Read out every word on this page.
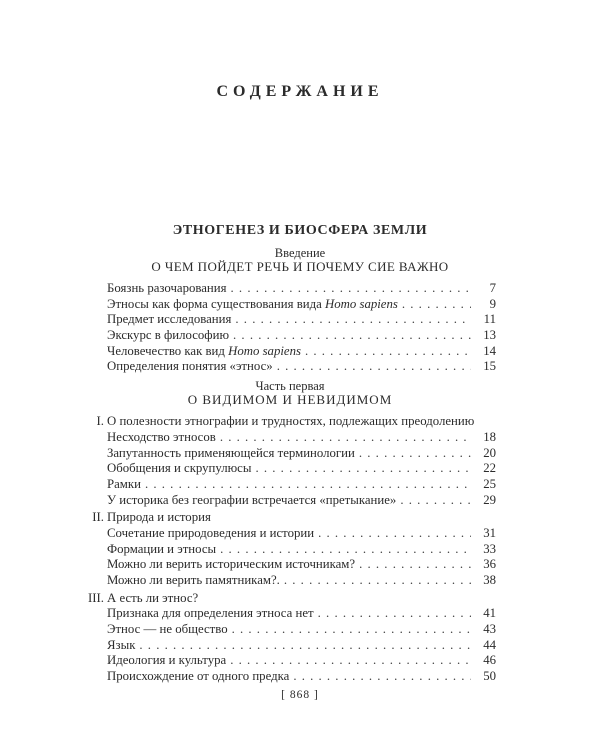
СОДЕРЖАНИЕ
ЭТНОГЕНЕЗ И БИОСФЕРА ЗЕМЛИ
Введение
О ЧЕМ ПОЙДЕТ РЕЧЬ И ПОЧЕМУ СИЕ ВАЖНО
Боязнь разочарования . . .	7
Этносы как форма существования вида Homo sapiens . . .	9
Предмет исследования . . .	11
Экскурс в философию . . .	13
Человечество как вид Homo sapiens . . .	14
Определения понятия «этнос» . . .	15
Часть первая
О ВИДИМОМ И НЕВИДИМОМ
I. О полезности этнографии и трудностях, подлежащих преодолению
Несходство этносов . . .	18
Запутанность применяющейся терминологии . . .	20
Обобщения и скрупулюсы . . .	22
Рамки . . .	25
У историка без географии встречается «претыкание» . . .	29
II. Природа и история
Сочетание природоведения и истории . . .	31
Формации и этносы . . .	33
Можно ли верить историческим источникам? . . .	36
Можно ли верить памятникам?. . . .	38
III. А есть ли этнос?
Признака для определения этноса нет . . .	41
Этнос — не общество . . .	43
Язык . . .	44
Идеология и культура . . .	46
Происхождение от одного предка . . .	50
[ 868 ]
